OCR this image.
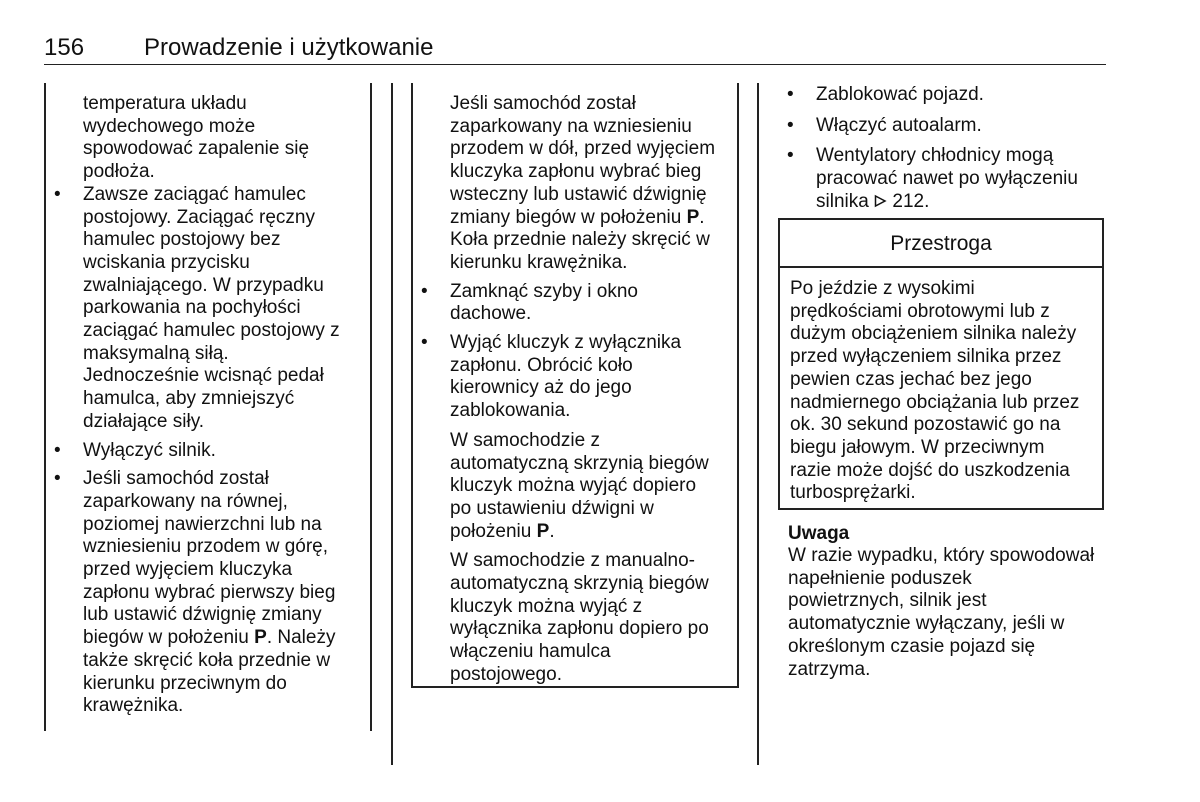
156 Prowadzenie i użytkowanie

temperatura układu

wydechowego może

spowodować zapalenie się

podłoża.

•	Zawsze zaciągać hamulec

postojowy. Zaciągać ręczny

hamulec postojowy bez

wciskania przycisku

zwalniającego. W przypadku

parkowania na pochyłości

zaciągać hamulec postojowy z

maksymalną siłą.

Jednocześnie wcisnąć pedał

hamulca, aby zmniejszyć

działające siły.

•	Wyłączyć silnik.

•	Jeśli samochód został

zaparkowany na równej,

poziomej nawierzchni lub na

wzniesieniu przodem w górę,

przed wyjęciem kluczyka

zapłonu wybrać pierwszy bieg

lub ustawić dźwignię zmiany

biegów w położeniu P. Należy

także skręcić koła przednie w

kierunku przeciwnym do

krawężnika.

Jeśli samochód został

zaparkowany na wzniesieniu

przodem w dół, przed wyjęciem

kluczyka zapłonu wybrać bieg

wsteczny lub ustawić dźwignię

zmiany biegów w położeniu P.

Koła przednie należy skręcić w

kierunku krawężnika.

•	Zamknąć szyby i okno

dachowe.

•	Wyjąć kluczyk z wyłącznika

zapłonu. Obrócić koło

kierownicy aż do jego

zablokowania.

W samochodzie z

automatyczną skrzynią biegów

kluczyk można wyjąć dopiero

po ustawieniu dźwigni w

położeniu P.

W samochodzie z manualno-

automatyczną skrzynią biegów

kluczyk można wyjąć z

wyłącznika zapłonu dopiero po

włączeniu hamulca

postojowego.

•	Zablokować pojazd.

•	Włączyć autoalarm.

•	Wentylatory chłodnicy mogą

pracować nawet po wyłączeniu

silnika 212.

Przestroga

Po jeździe z wysokimi

prędkościami obrotowymi lub z

dużym obciążeniem silnika należy

przed wyłączeniem silnika przez

pewien czas jechać bez jego

nadmiernego obciążania lub przez

ok. 30 sekund pozostawić go na

biegu jałowym. W przeciwnym

razie może dojść do uszkodzenia

turbosprężarki.

Uwaga

W razie wypadku, który spowodował

napełnienie poduszek

powietrznych, silnik jest

automatycznie wyłączany, jeśli w

określonym czasie pojazd się

zatrzyma.
